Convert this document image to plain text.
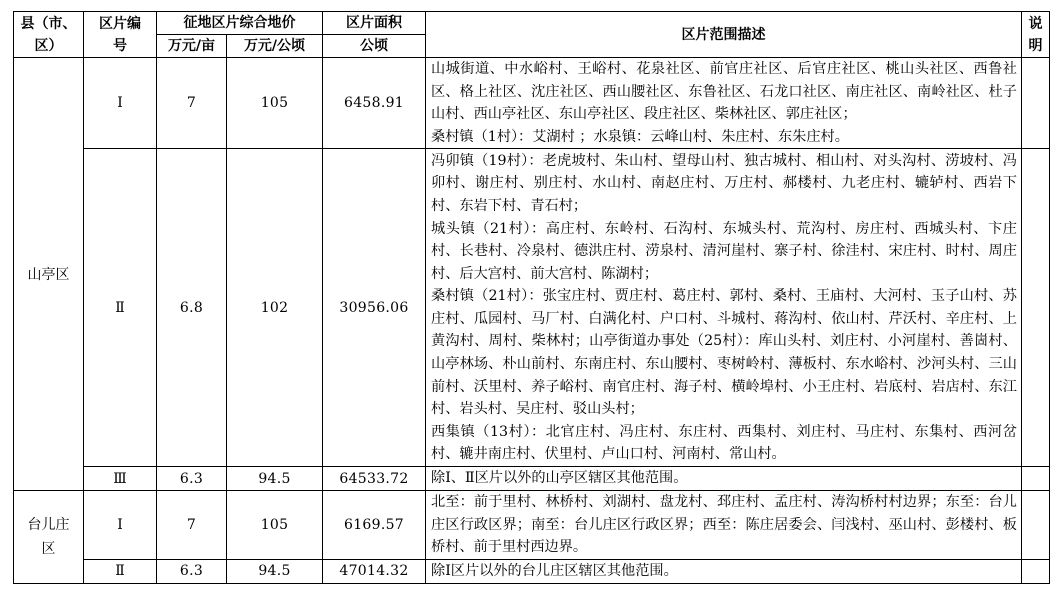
县（市、区）	区片编号	征地区片综合地价		区片面积	区片范围描述	说明

		万元/亩	万元/公顷	公顷		
山亭区	Ⅰ	7	105	6458.91	山城街道、中水峪村、王峪村、花泉社区、前官庄社区、后官庄社区、桃山头社区、西鲁社区、格上社区、沈庄社区、西山腰社区、东鲁社区、石龙口社区、南庄社区、南岭社区、杜子山村、西山亭社区、东山亭社区、段庄社区、柴林社区、郭庄社区；
桑村镇（1村）：艾湖村 ；水泉镇：云峰山村、朱庄村、东朱庄村。	

	Ⅱ	6.8	102	30956.06	冯卯镇（19村）：老虎坡村、朱山村、望母山村、独古城村、相山村、对头沟村、涝坡村、冯卯村、谢庄村、别庄村、水山村、南赵庄村、万庄村、郝楼村、九老庄村、辘轳村、西岩下村、东岩下村、青石村；
城头镇（21村）：高庄村、东岭村、石沟村、东城头村、荒沟村、房庄村、西城头村、卞庄村、长巷村、冷泉村、德洪庄村、涝泉村、清河崖村、寨子村、徐洼村、宋庄村、时村、周庄村、后大宫村、前大宫村、陈湖村；
桑村镇（21村）：张宝庄村、贾庄村、葛庄村、郭村、桑村、王庙村、大河村、玉子山村、苏庄村、瓜园村、马厂村、白满化村、户口村、斗城村、蒋沟村、依山村、芹沃村、辛庄村、上黄沟村、周村、柴林村；山亭街道办事处（25村）：库山头村、刘庄村、小河崖村、善崮村、山亭林场、朴山前村、东南庄村、东山腰村、枣树岭村、薄板村、东水峪村、沙河头村、三山前村、沃里村、养子峪村、南官庄村、海子村、横岭埠村、小王庄村、岩底村、岩店村、东江村、岩头村、吴庄村、驳山头村；
西集镇（13村）：北官庄村、冯庄村、东庄村、西集村、刘庄村、马庄村、东集村、西河岔村、辘井南庄村、伏里村、卢山口村、河南村、常山村。	

	Ⅲ	6.3	94.5	64533.72	除Ⅰ、Ⅱ区片以外的山亭区辖区其他范围。	

台儿庄区	Ⅰ	7	105	6169.57	北至：前于里村、林桥村、刘湖村、盘龙村、邳庄村、孟庄村、涛沟桥村村边界；东至：台儿庄区行政区界；南至：台儿庄区行政区界；西至：陈庄居委会、闫浅村、巫山村、彭楼村、板桥村、前于里村西边界。	

	Ⅱ	6.3	94.5	47014.32	除Ⅰ区片以外的台儿庄区辖区其他范围。	
